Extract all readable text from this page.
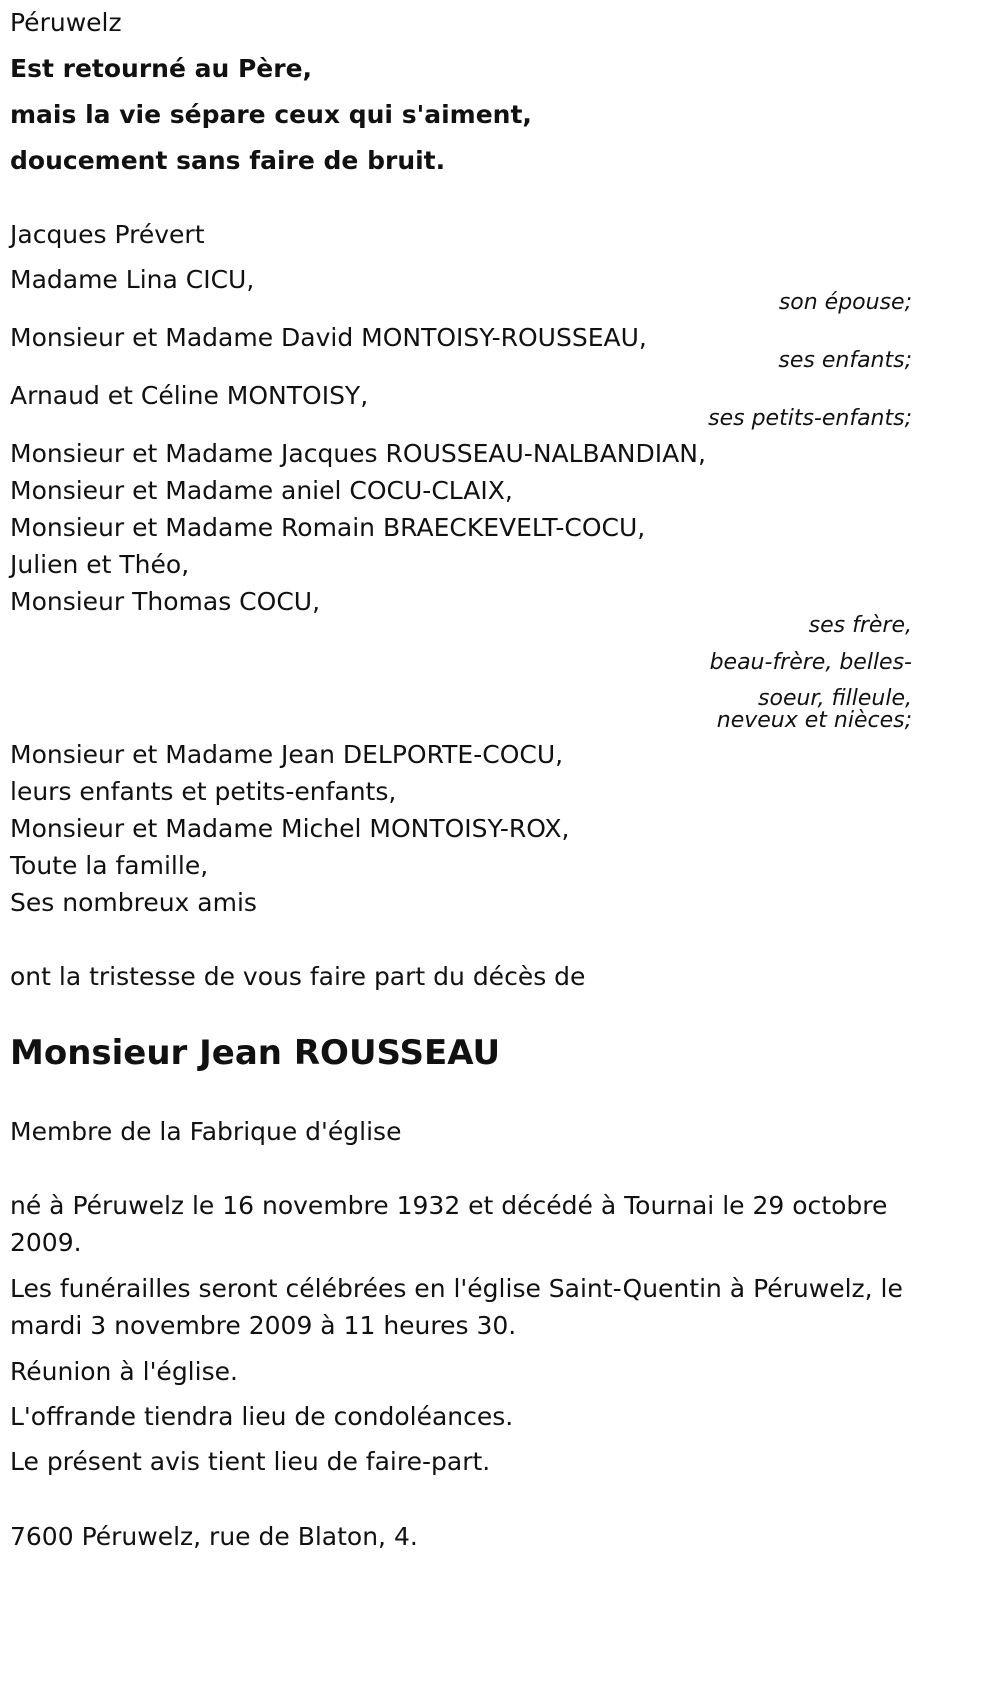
Péruwelz
Est retourné au Père,
mais la vie sépare ceux qui s'aiment,
doucement sans faire de bruit.
Jacques Prévert
Madame Lina CICU,
son épouse;
Monsieur et Madame David MONTOISY-ROUSSEAU,
ses enfants;
Arnaud et Céline MONTOISY,
ses petits-enfants;
Monsieur et Madame Jacques ROUSSEAU-NALBANDIAN,
Monsieur et Madame aniel COCU-CLAIX,
Monsieur et Madame Romain BRAECKEVELT-COCU,
Julien et Théo,
Monsieur Thomas COCU,
ses frère,
beau-frère, belles-
soeur, filleule,
neveux et nièces;
Monsieur et Madame Jean DELPORTE-COCU,
leurs enfants et petits-enfants,
Monsieur et Madame Michel MONTOISY-ROX,
Toute la famille,
Ses nombreux amis
ont la tristesse de vous faire part du décès de
Monsieur Jean ROUSSEAU
Membre de la Fabrique d'église
né à Péruwelz le 16 novembre 1932 et décédé à Tournai le 29 octobre
2009.
Les funérailles seront célébrées en l'église Saint-Quentin à Péruwelz, le
mardi 3 novembre 2009 à 11 heures 30.
Réunion à l'église.
L'offrande tiendra lieu de condoléances.
Le présent avis tient lieu de faire-part.
7600 Péruwelz, rue de Blaton, 4.
